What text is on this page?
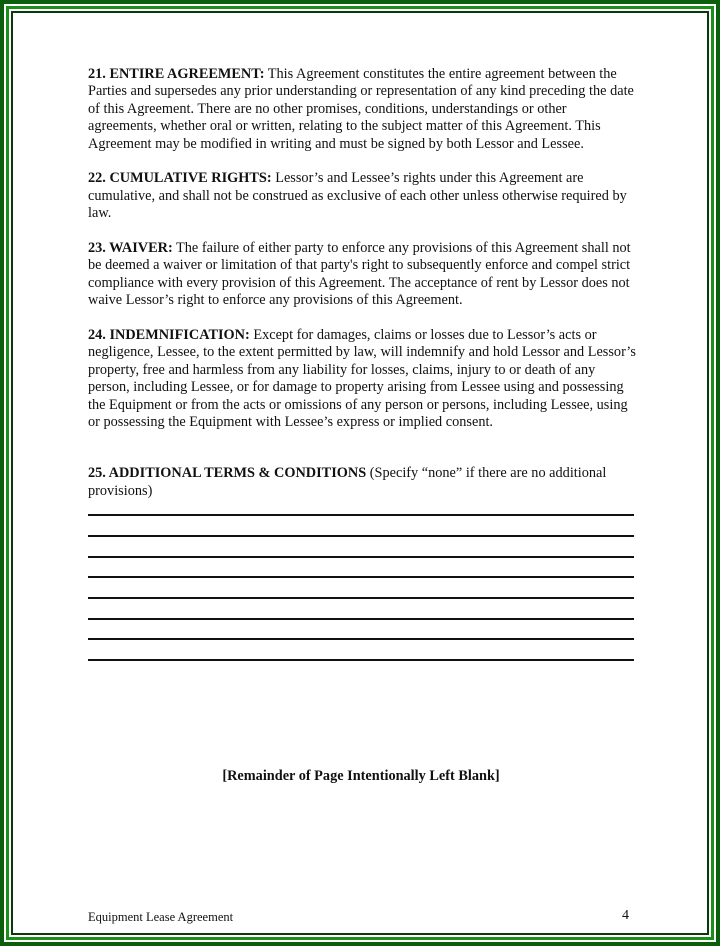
21. ENTIRE AGREEMENT: This Agreement constitutes the entire agreement between the Parties and supersedes any prior understanding or representation of any kind preceding the date of this Agreement. There are no other promises, conditions, understandings or other agreements, whether oral or written, relating to the subject matter of this Agreement. This Agreement may be modified in writing and must be signed by both Lessor and Lessee.

22. CUMULATIVE RIGHTS: Lessor’s and Lessee’s rights under this Agreement are cumulative, and shall not be construed as exclusive of each other unless otherwise required by law.

23. WAIVER: The failure of either party to enforce any provisions of this Agreement shall not be deemed a waiver or limitation of that party's right to subsequently enforce and compel strict compliance with every provision of this Agreement. The acceptance of rent by Lessor does not waive Lessor’s right to enforce any provisions of this Agreement.

24. INDEMNIFICATION: Except for damages, claims or losses due to Lessor’s acts or negligence, Lessee, to the extent permitted by law, will indemnify and hold Lessor and Lessor’s property, free and harmless from any liability for losses, claims, injury to or death of any person, including Lessee, or for damage to property arising from Lessee using and possessing the Equipment or from the acts or omissions of any person or persons, including Lessee, using or possessing the Equipment with Lessee’s express or implied consent.

25. ADDITIONAL TERMS & CONDITIONS (Specify “none” if there are no additional provisions)

[Remainder of Page Intentionally Left Blank]
Equipment Lease Agreement	4
